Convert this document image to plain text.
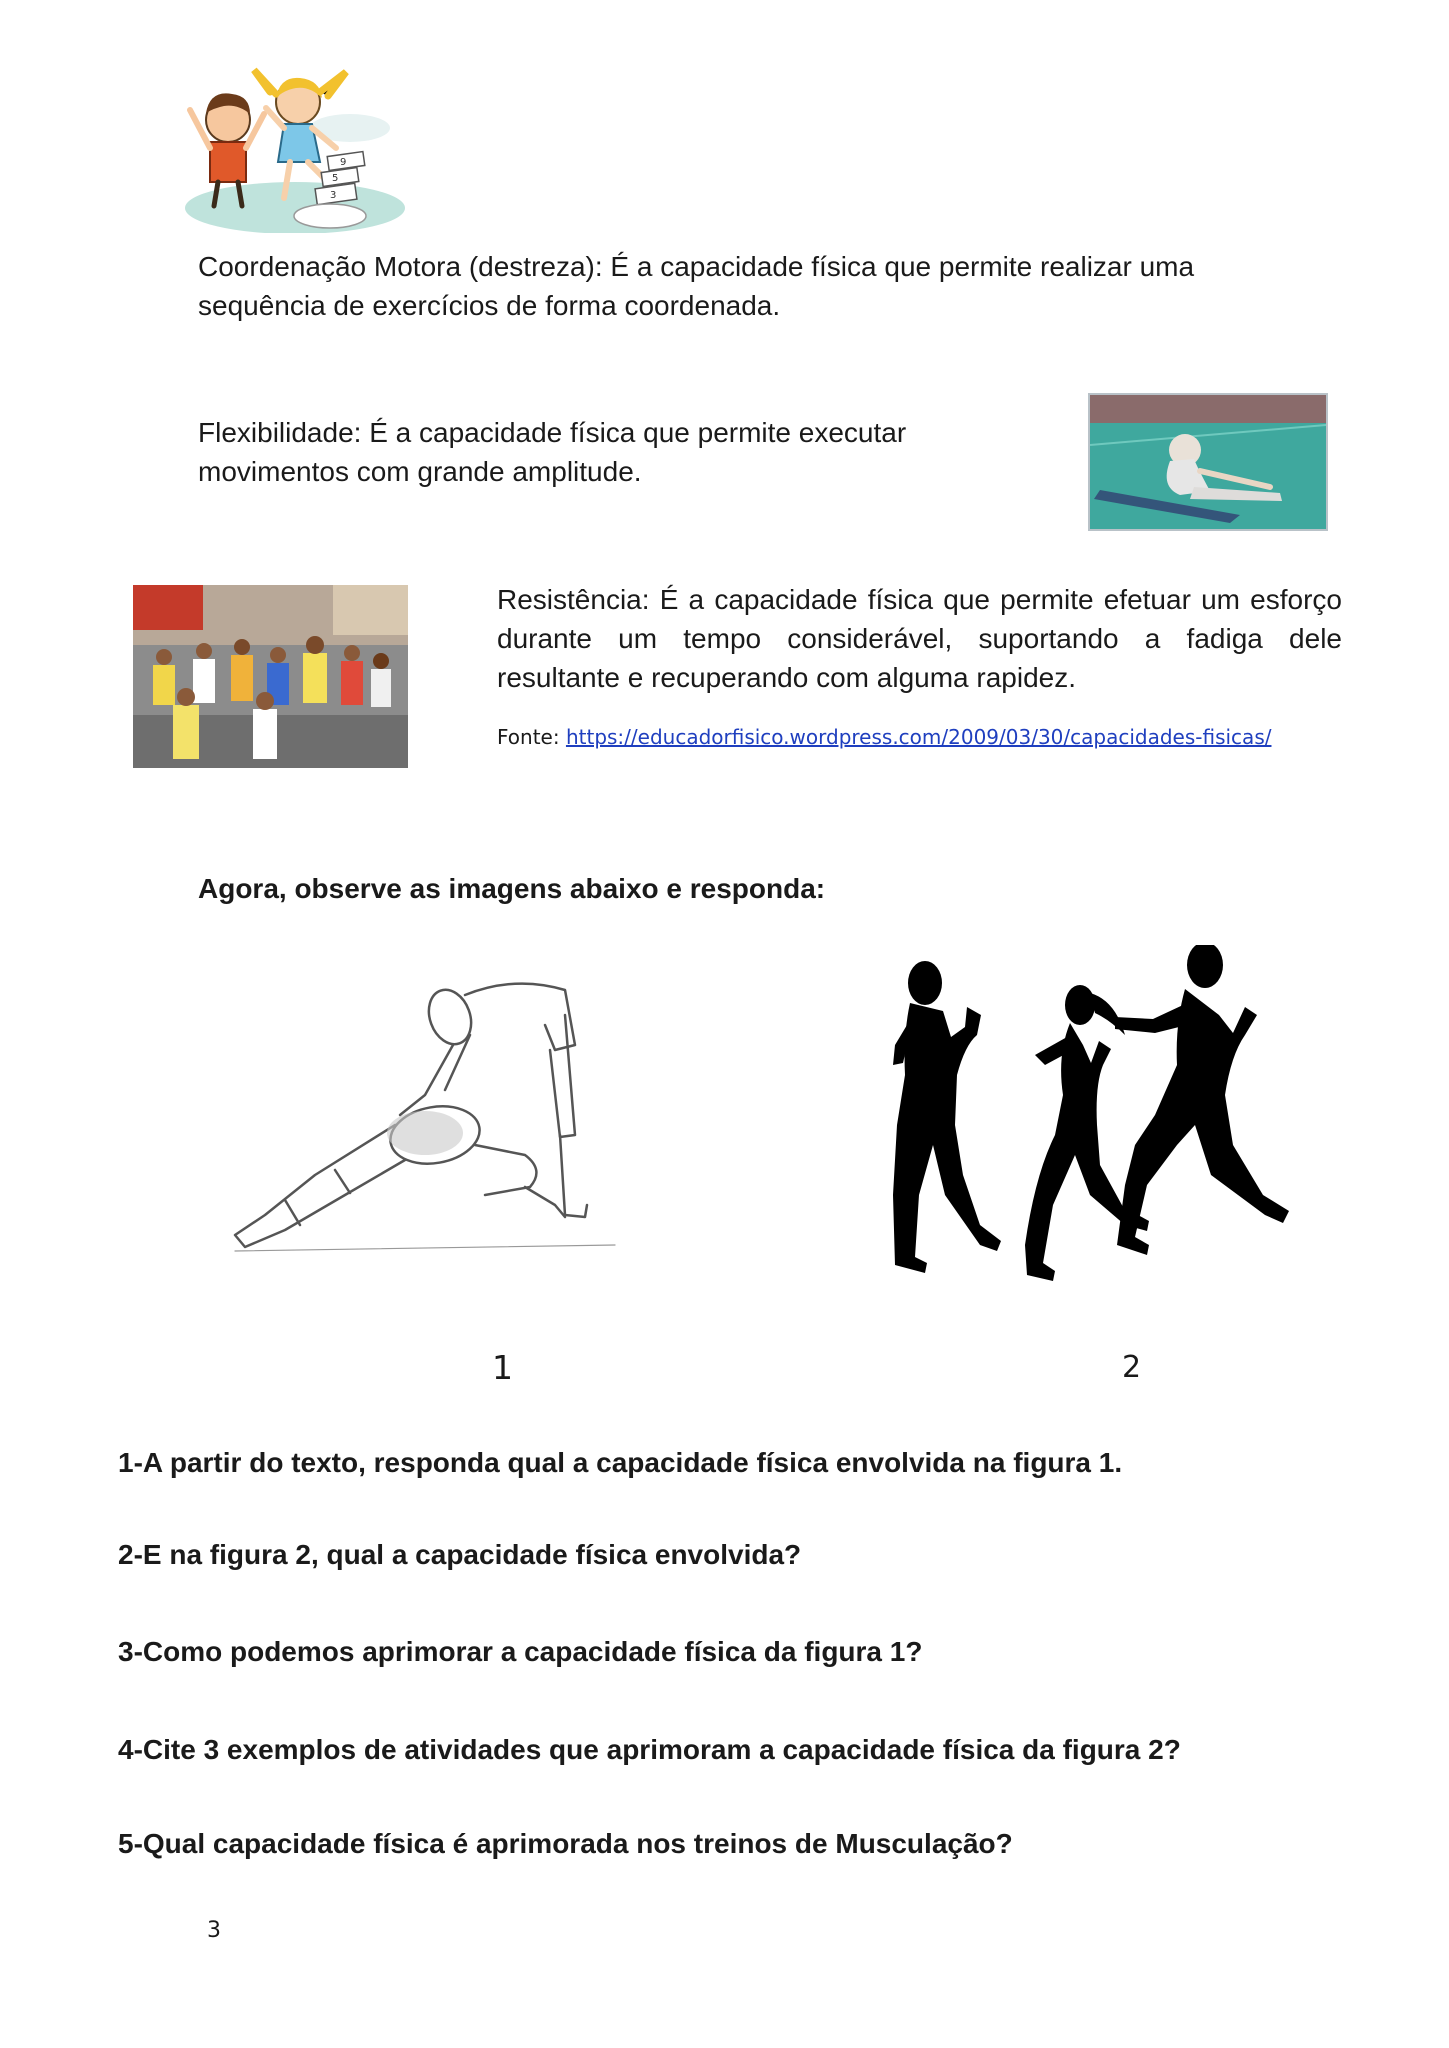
9
5
3
Coordenação Motora (destreza): É a capacidade física que permite realizar uma sequência de exercícios de forma coordenada.
Flexibilidade: É a capacidade física que permite executar movimentos com grande amplitude.
Resistência: É a capacidade física que permite efetuar um esforço durante um tempo considerável, suportando a fadiga dele resultante e recuperando com alguma rapidez.
Fonte: https://educadorfisico.wordpress.com/2009/03/30/capacidades-fisicas/
Agora, observe as imagens abaixo e responda:
1	2
1-A partir do texto, responda qual a capacidade física envolvida na figura 1.
2-E na figura 2, qual a capacidade física envolvida?
3-Como podemos aprimorar a capacidade física da figura 1?
4-Cite 3 exemplos de atividades que aprimoram a capacidade física da figura 2?
5-Qual capacidade física é aprimorada nos treinos de Musculação?
3
